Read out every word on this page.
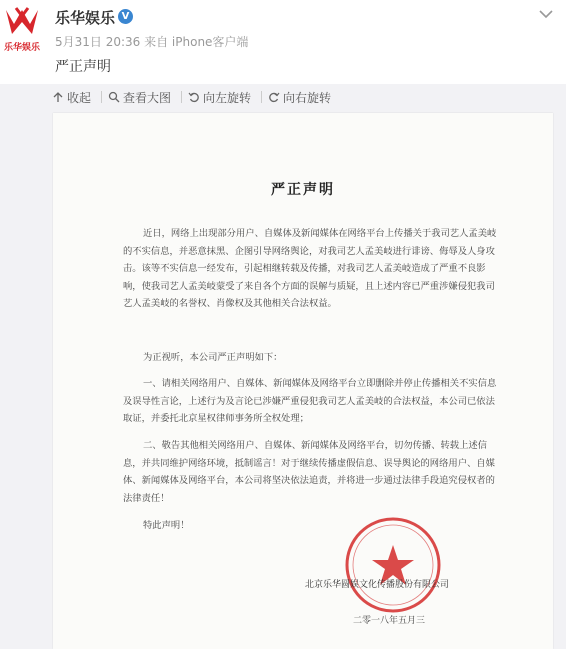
乐华娱乐
乐华娱乐 V
5月31日 20:36 来自 iPhone客户端
严正声明
收起	查看大图	向左旋转	向右旋转
严正声明

近日，网络上出现部分用户、自媒体及新闻媒体在网络平台上传播关于我司艺人孟美岐的不实信息，并恶意抹黑、企图引导网络舆论，对我司艺人孟美岐进行诽谤、侮辱及人身攻击。该等不实信息一经发布，引起相继转载及传播，对我司艺人孟美岐造成了严重不良影响，使我司艺人孟美岐蒙受了来自各个方面的误解与质疑，且上述内容已严重涉嫌侵犯我司艺人孟美岐的名誉权、肖像权及其他相关合法权益。

为正视听，本公司严正声明如下：

一、请相关网络用户、自媒体、新闻媒体及网络平台立即删除并停止传播相关不实信息及误导性言论，上述行为及言论已涉嫌严重侵犯我司艺人孟美岐的合法权益，本公司已依法取证，并委托北京星权律师事务所全权处理；

二、敬告其他相关网络用户、自媒体、新闻媒体及网络平台，切勿传播、转载上述信息，并共同维护网络环境，抵制谣言！对于继续传播虚假信息、误导舆论的网络用户、自媒体、新闻媒体及网络平台，本公司将坚决依法追责，并将进一步通过法律手段追究侵权者的法律责任！

特此声明！

北京乐华圆娱文化传播股份有限公司
二零一八年五月三
